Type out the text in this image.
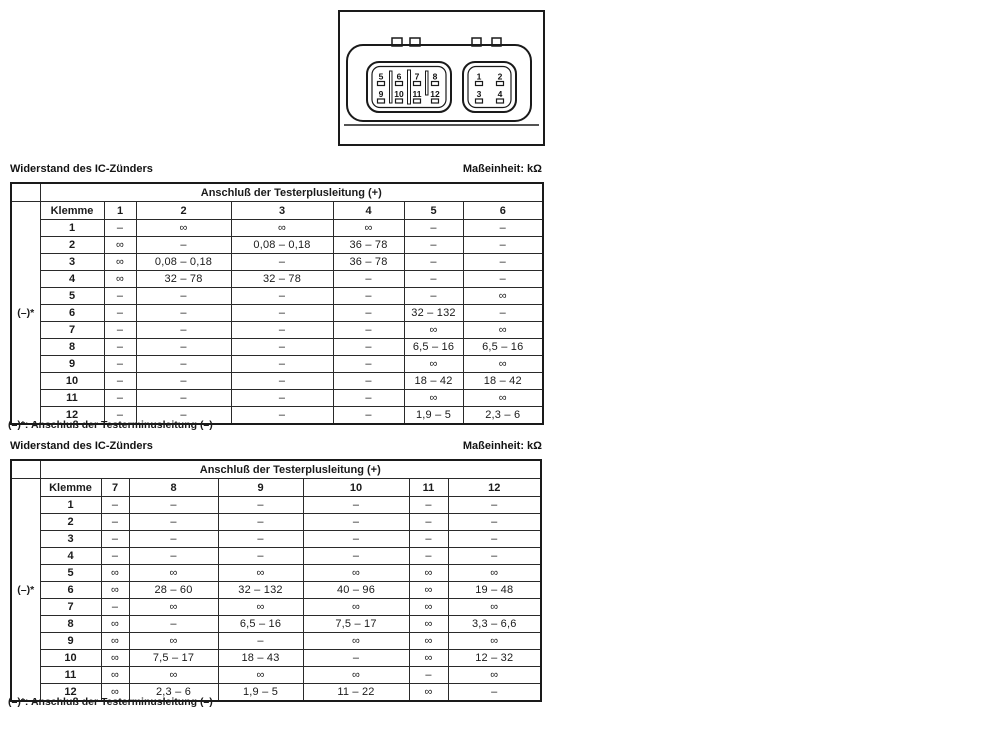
5 6 7 8
9 10 11 12
1 2
3 4
Widerstand des IC-Zünders	Maßeinheit: kΩ
	Anschluß der Testerplusleitung (+)						
(–)*	Klemme	1	2	3	4	5	6
	1	–	∞	∞	∞	–	–
	2	∞	–	0,08 – 0,18	36 – 78	–	–
	3	∞	0,08 – 0,18	–	36 – 78	–	–
	4	∞	32 – 78	32 – 78	–	–	–
	5	–	–	–	–	–	∞
	6	–	–	–	–	32 – 132	–
	7	–	–	–	–	∞	∞
	8	–	–	–	–	6,5 – 16	6,5 – 16
	9	–	–	–	–	∞	∞
	10	–	–	–	–	18 – 42	18 – 42
	11	–	–	–	–	∞	∞
	12	–	–	–	–	1,9 – 5	2,3 – 6
(–)*: Anschluß der Testerminusleitung (–)
Widerstand des IC-Zünders	Maßeinheit: kΩ
	Anschluß der Testerplusleitung (+)						
(–)*	Klemme	7	8	9	10	11	12
	1	–	–	–	–	–	–
	2	–	–	–	–	–	–
	3	–	–	–	–	–	–
	4	–	–	–	–	–	–
	5	∞	∞	∞	∞	∞	∞
	6	∞	28 – 60	32 – 132	40 – 96	∞	19 – 48
	7	–	∞	∞	∞	∞	∞
	8	∞	–	6,5 – 16	7,5 – 17	∞	3,3 – 6,6
	9	∞	∞	–	∞	∞	∞
	10	∞	7,5 – 17	18 – 43	–	∞	12 – 32
	11	∞	∞	∞	∞	–	∞
	12	∞	2,3 – 6	1,9 – 5	11 – 22	∞	–
(–)*: Anschluß der Testerminusleitung (–)
